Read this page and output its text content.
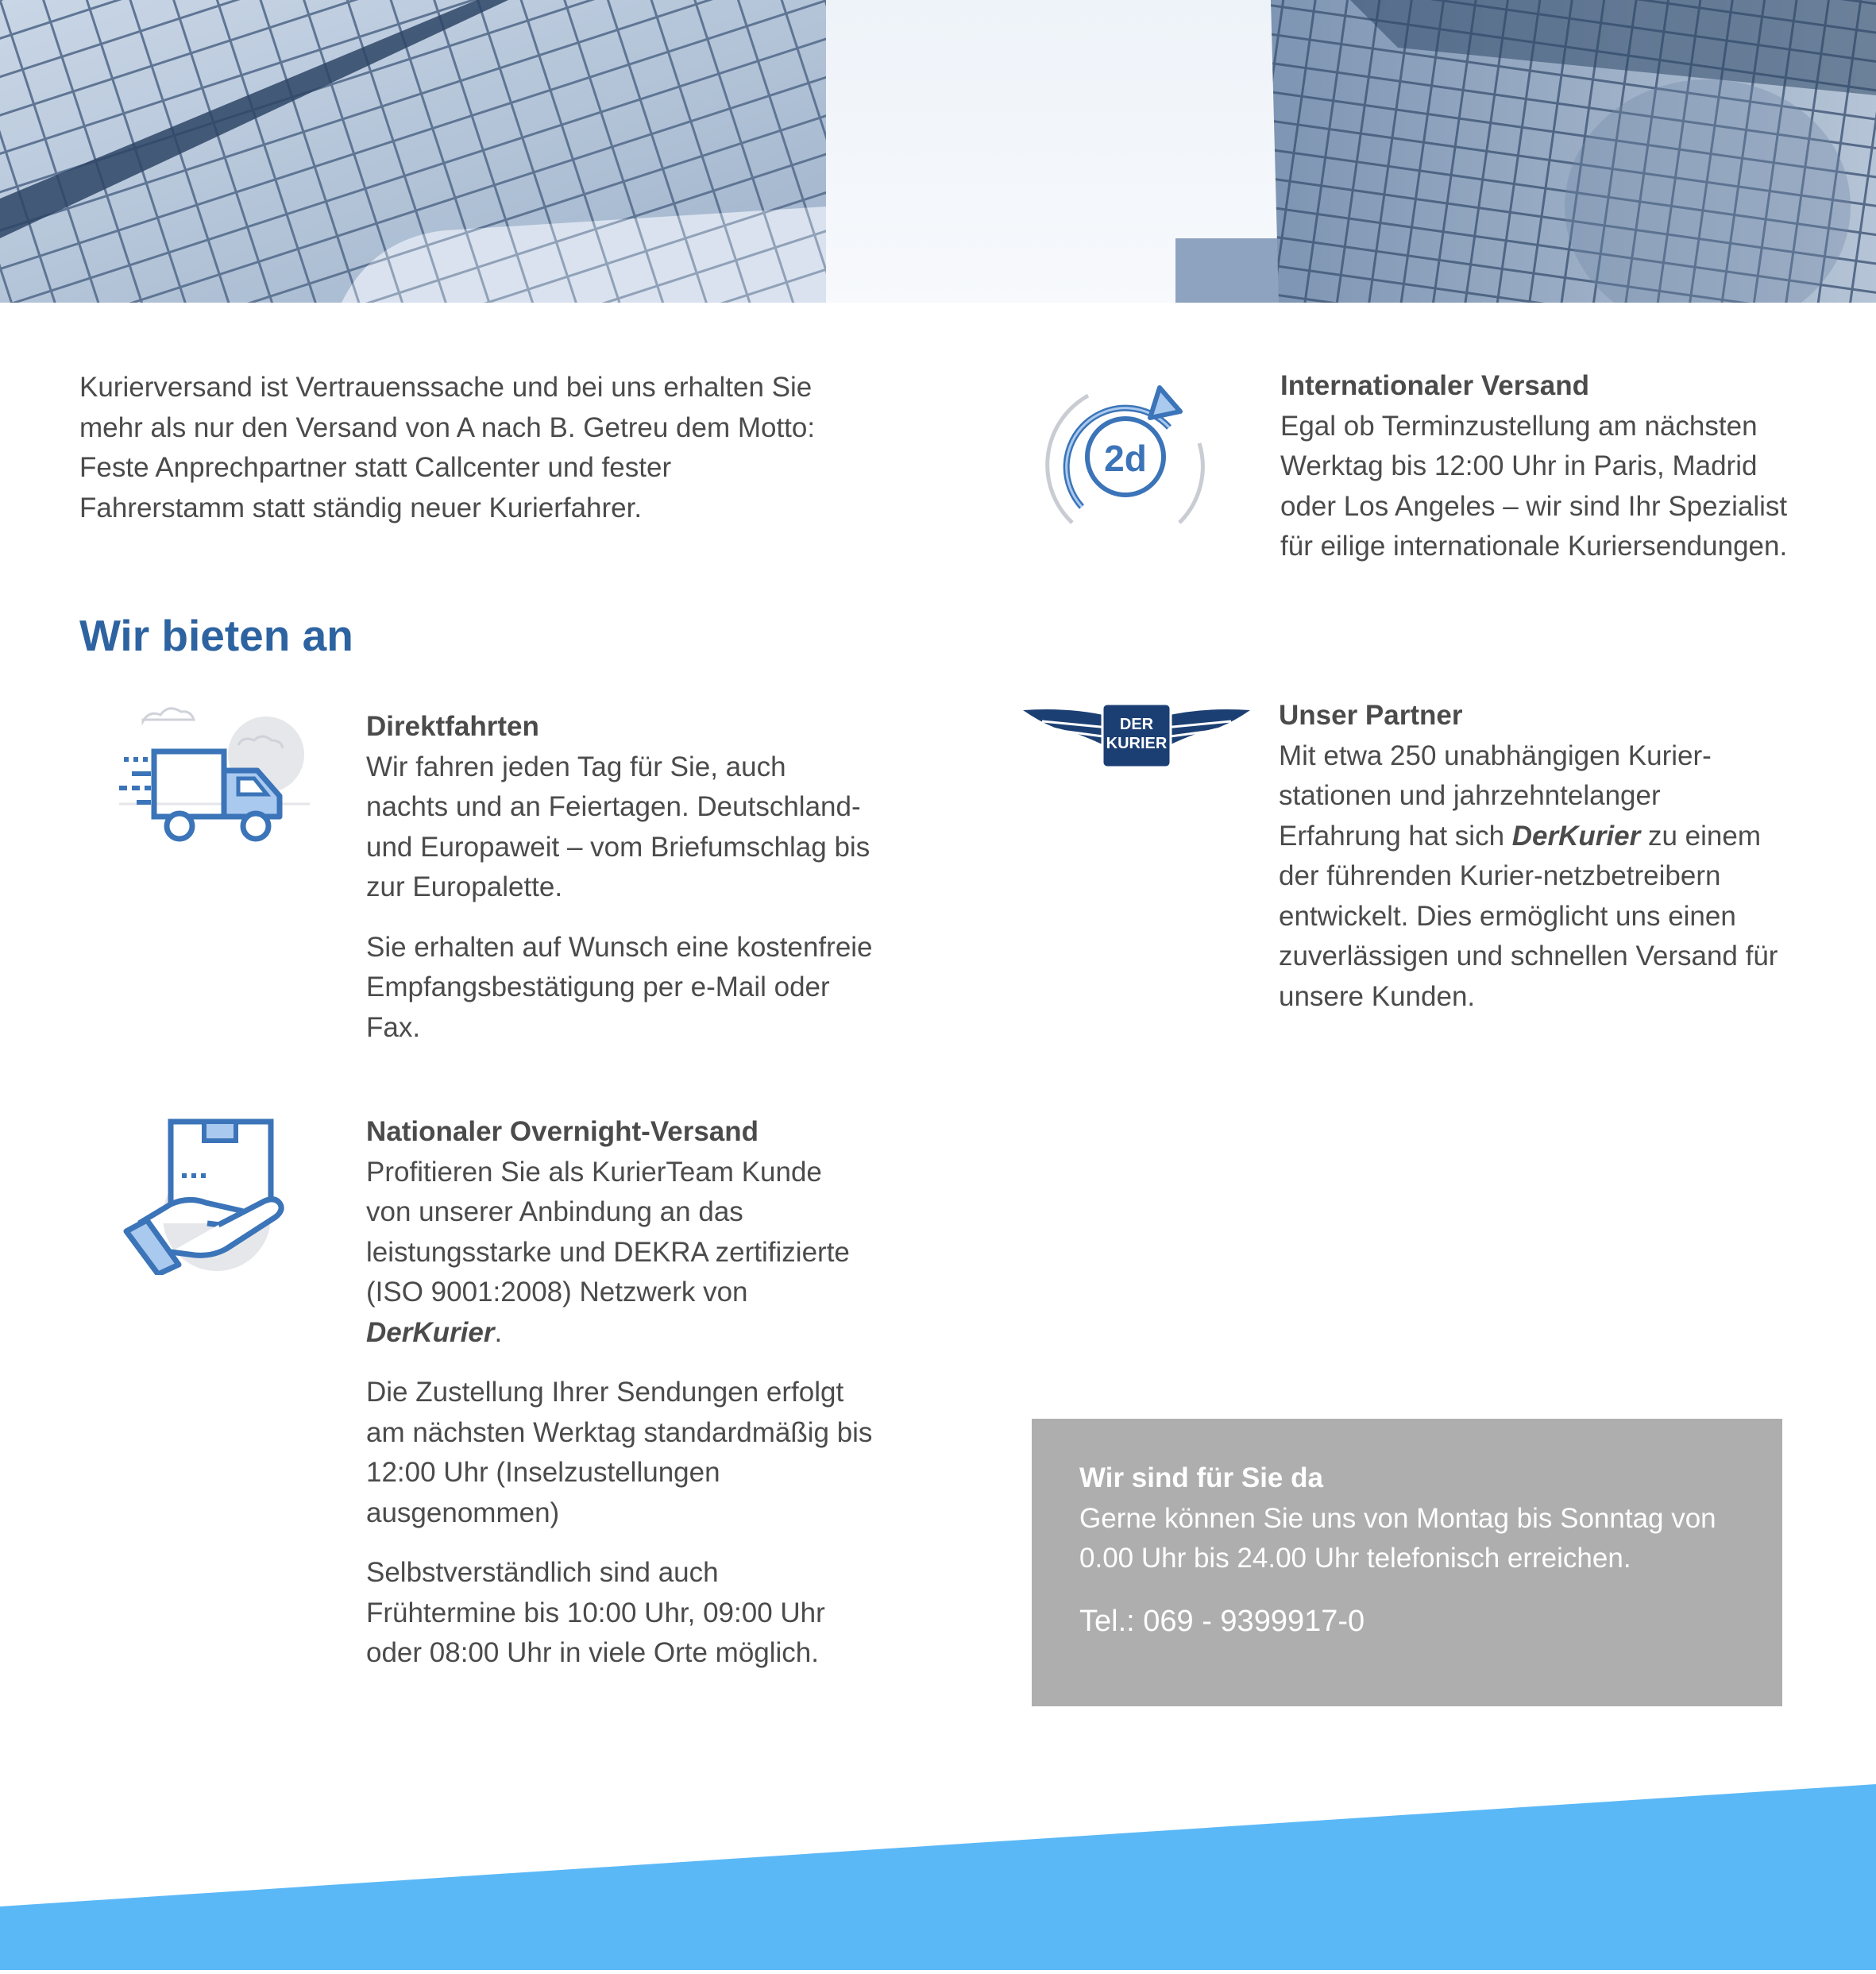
Kurierversand ist Vertrauenssache und bei uns erhalten Sie mehr als nur den Versand von A nach B. Getreu dem Motto: Feste Anprechpartner statt Callcenter und fester Fahrerstamm statt ständig neuer Kurierfahrer.

Wir bieten an

Direktfahrten
Wir fahren jeden Tag für Sie, auch nachts und an Feiertagen. Deutschland- und Europaweit – vom Briefumschlag bis zur Europalette.

Sie erhalten auf Wunsch eine kostenfreie Empfangsbestätigung per e-Mail oder Fax.

Nationaler Overnight-Versand
Profitieren Sie als KurierTeam Kunde von unserer Anbindung an das leistungsstarke und DEKRA zertifizierte (ISO 9001:2008) Netzwerk von DerKurier.

Die Zustellung Ihrer Sendungen erfolgt am nächsten Werktag standardmäßig bis 12:00 Uhr (Inselzustellungen ausgenommen)

Selbstverständlich sind auch Frühtermine bis 10:00 Uhr, 09:00 Uhr oder 08:00 Uhr in viele Orte möglich.

2d

Internationaler Versand
Egal ob Terminzustellung am nächsten Werktag bis 12:00 Uhr in Paris, Madrid oder Los Angeles – wir sind Ihr Spezialist für eilige internationale Kuriersendungen.

DER
KURIER

Unser Partner
Mit etwa 250 unabhängigen Kurier-stationen und jahrzehntelanger Erfahrung hat sich DerKurier zu einem der führenden Kurier-netzbetreibern entwickelt. Dies ermöglicht uns einen zuverlässigen und schnellen Versand für unsere Kunden.

Wir sind für Sie da
Gerne können Sie uns von Montag bis Sonntag von 0.00 Uhr bis 24.00 Uhr telefonisch erreichen.

Tel.: 069 - 9399917-0
